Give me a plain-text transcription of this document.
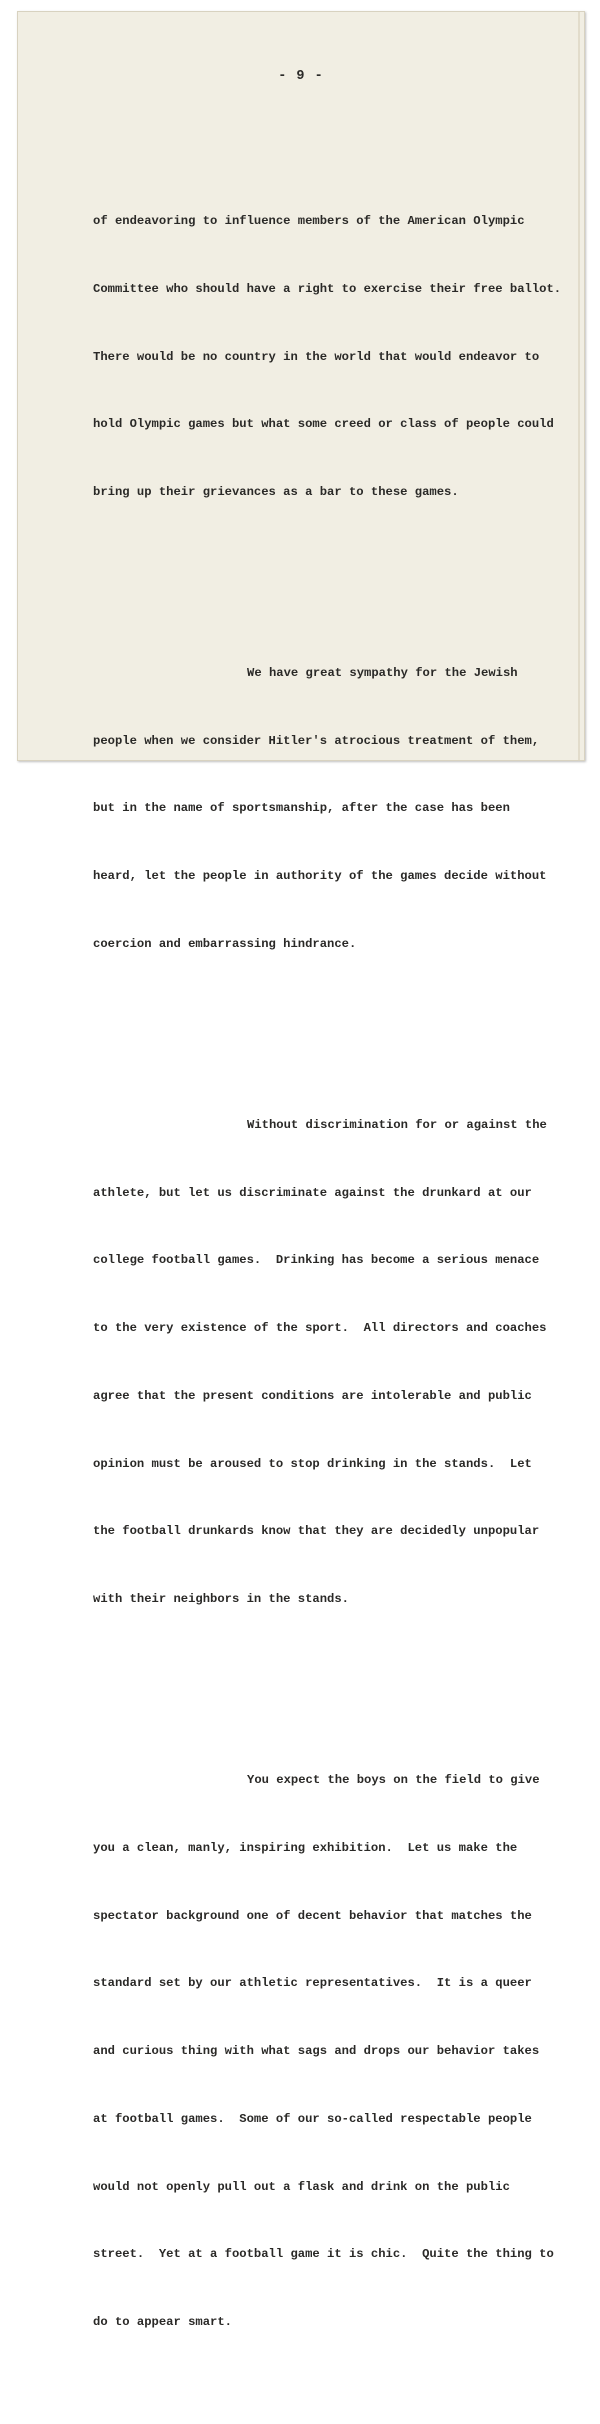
- 9 -

of endeavoring to influence members of the American Olympic

Committee who should have a right to exercise their free ballot.

There would be no country in the world that would endeavor to

hold Olympic games but what some creed or class of people could

bring up their grievances as a bar to these games.

We have great sympathy for the Jewish

people when we consider Hitler's atrocious treatment of them,

but in the name of sportsmanship, after the case has been

heard, let the people in authority of the games decide without

coercion and embarrassing hindrance.

Without discrimination for or against the

athlete, but let us discriminate against the drunkard at our

college football games.  Drinking has become a serious menace

to the very existence of the sport.  All directors and coaches

agree that the present conditions are intolerable and public

opinion must be aroused to stop drinking in the stands.  Let

the football drunkards know that they are decidedly unpopular

with their neighbors in the stands.

You expect the boys on the field to give

you a clean, manly, inspiring exhibition.  Let us make the

spectator background one of decent behavior that matches the

standard set by our athletic representatives.  It is a queer

and curious thing with what sags and drops our behavior takes

at football games.  Some of our so-called respectable people

would not openly pull out a flask and drink on the public

street.  Yet at a football game it is chic.  Quite the thing to

do to appear smart.
